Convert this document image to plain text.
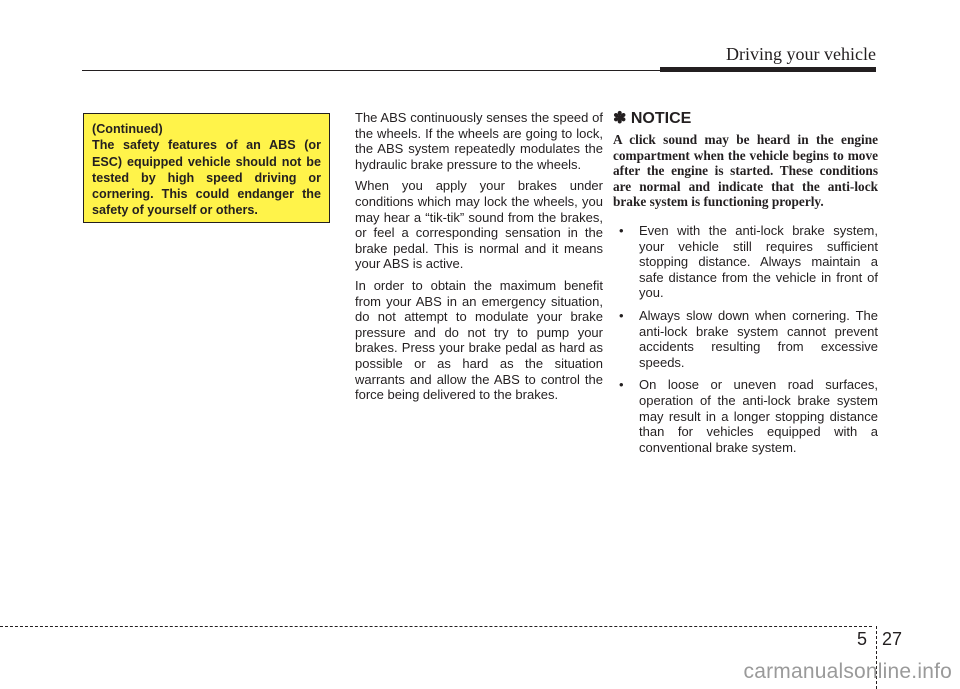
Driving your vehicle
(Continued)
The safety features of an ABS (or ESC) equipped vehicle should not be tested by high speed driving or cornering. This could endanger the safety of yourself or others.

The ABS continuously senses the speed of the wheels. If the wheels are going to lock, the ABS system repeatedly modulates the hydraulic brake pressure to the wheels.

When you apply your brakes under conditions which may lock the wheels, you may hear a “tik-tik” sound from the brakes, or feel a corresponding sensation in the brake pedal. This is normal and it means your ABS is active.

In order to obtain the maximum benefit from your ABS in an emergency situation, do not attempt to modulate your brake pressure and do not try to pump your brakes. Press your brake pedal as hard as possible or as hard as the situation warrants and allow the ABS to control the force being delivered to the brakes.

✽ NOTICE
A click sound may be heard in the engine compartment when the vehicle begins to move after the engine is started. These conditions are normal and indicate that the anti-lock brake system is functioning properly.
• Even with the anti-lock brake system, your vehicle still requires sufficient stopping distance. Always maintain a safe distance from the vehicle in front of you.
• Always slow down when cornering. The anti-lock brake system cannot prevent accidents resulting from excessive speeds.
• On loose or uneven road surfaces, operation of the anti-lock brake system may result in a longer stopping distance than for vehicles equipped with a conventional brake system.
5 27
carmanualsonline.info
